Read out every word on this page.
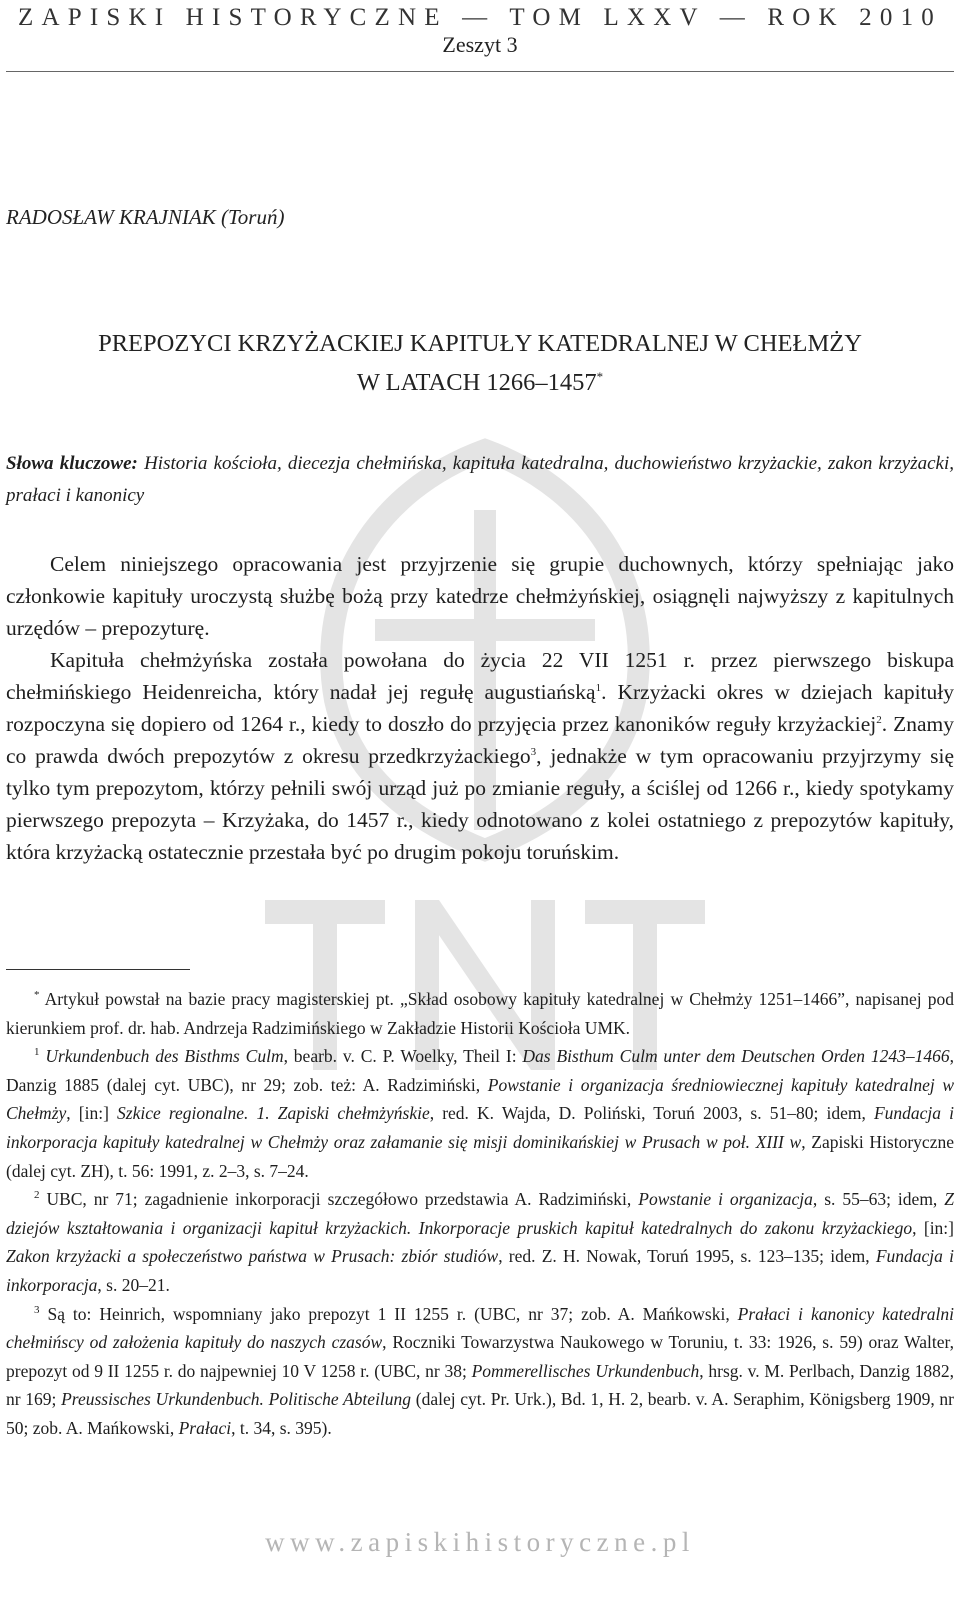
ZAPISKI HISTORYCZNE — TOM LXXV — ROK 2010
Zeszyt 3
RADOSŁAW KRAJNIAK (Toruń)
PREPOZYCI KRZYŻACKIEJ KAPITUŁY KATEDRALNEJ W CHEŁMŻY
W LATACH 1266–1457*
Słowa kluczowe: Historia kościoła, diecezja chełmińska, kapituła katedralna, duchowieństwo krzyżackie, zakon krzyżacki, prałaci i kanonicy

Celem niniejszego opracowania jest przyjrzenie się grupie duchownych, którzy spełniając jako członkowie kapituły uroczystą służbę bożą przy katedrze chełmżyńskiej, osiągnęli najwyższy z kapitulnych urzędów – prepozyturę.

Kapituła chełmżyńska została powołana do życia 22 VII 1251 r. przez pierwszego biskupa chełmińskiego Heidenreicha, który nadał jej regułę augustiańską$^1$. Krzyżacki okres w dziejach kapituły rozpoczyna się dopiero od 1264 r., kiedy to doszło do przyjęcia przez kanoników reguły krzyżackiej$^2$. Znamy co prawda dwóch prepozytów z okresu przedkrzyżackiego$^3$, jednakże w tym opracowaniu przyjrzymy się tylko tym prepozytom, którzy pełnili swój urząd już po zmianie reguły, a ściślej od 1266 r., kiedy spotykamy pierwszego prepozyta – Krzyżaka, do 1457 r., kiedy odnotowano z kolei ostatniego z prepozytów kapituły, która krzyżacką ostatecznie przestała być po drugim pokoju toruńskim.

* Artykuł powstał na bazie pracy magisterskiej pt. „Skład osobowy kapituły katedralnej w Chełmży 1251–1466”, napisanej pod kierunkiem prof. dr. hab. Andrzeja Radzimińskiego w Zakładzie Historii Kościoła UMK.

$^1$ Urkundenbuch des Bisthms Culm, bearb. v. C. P. Woelky, Theil I: Das Bisthum Culm unter dem Deutschen Orden 1243–1466, Danzig 1885 (dalej cyt. UBC), nr 29; zob. też: A. Radzimiński, Powstanie i organizacja średniowiecznej kapituły katedralnej w Chełmży, [in:] Szkice regionalne. 1. Zapiski chełmżyńskie, red. K. Wajda, D. Poliński, Toruń 2003, s. 51–80; idem, Fundacja i inkorporacja kapituły katedralnej w Chełmży oraz załamanie się misji dominikańskiej w Prusach w poł. XIII w, Zapiski Historyczne (dalej cyt. ZH), t. 56: 1991, z. 2–3, s. 7–24.

$^2$ UBC, nr 71; zagadnienie inkorporacji szczegółowo przedstawia A. Radzimiński, Powstanie i organizacja, s. 55–63; idem, Z dziejów kształtowania i organizacji kapituł krzyżackich. Inkorporacje pruskich kapituł katedralnych do zakonu krzyżackiego, [in:] Zakon krzyżacki a społeczeństwo państwa w Prusach: zbiór studiów, red. Z. H. Nowak, Toruń 1995, s. 123–135; idem, Fundacja i inkorporacja, s. 20–21.

$^3$ Są to: Heinrich, wspomniany jako prepozyt 1 II 1255 r. (UBC, nr 37; zob. A. Mańkowski, Prałaci i kanonicy katedralni chełmińscy od założenia kapituły do naszych czasów, Roczniki Towarzystwa Naukowego w Toruniu, t. 33: 1926, s. 59) oraz Walter, prepozyt od 9 II 1255 r. do najpewniej 10 V 1258 r. (UBC, nr 38; Pommerellisches Urkundenbuch, hrsg. v. M. Perlbach, Danzig 1882, nr 169; Preussisches Urkundenbuch. Politische Abteilung (dalej cyt. Pr. Urk.), Bd. 1, H. 2, bearb. v. A. Seraphim, Königsberg 1909, nr 50; zob. A. Mańkowski, Prałaci, t. 34, s. 395).

www.zapiskihistoryczne.pl
